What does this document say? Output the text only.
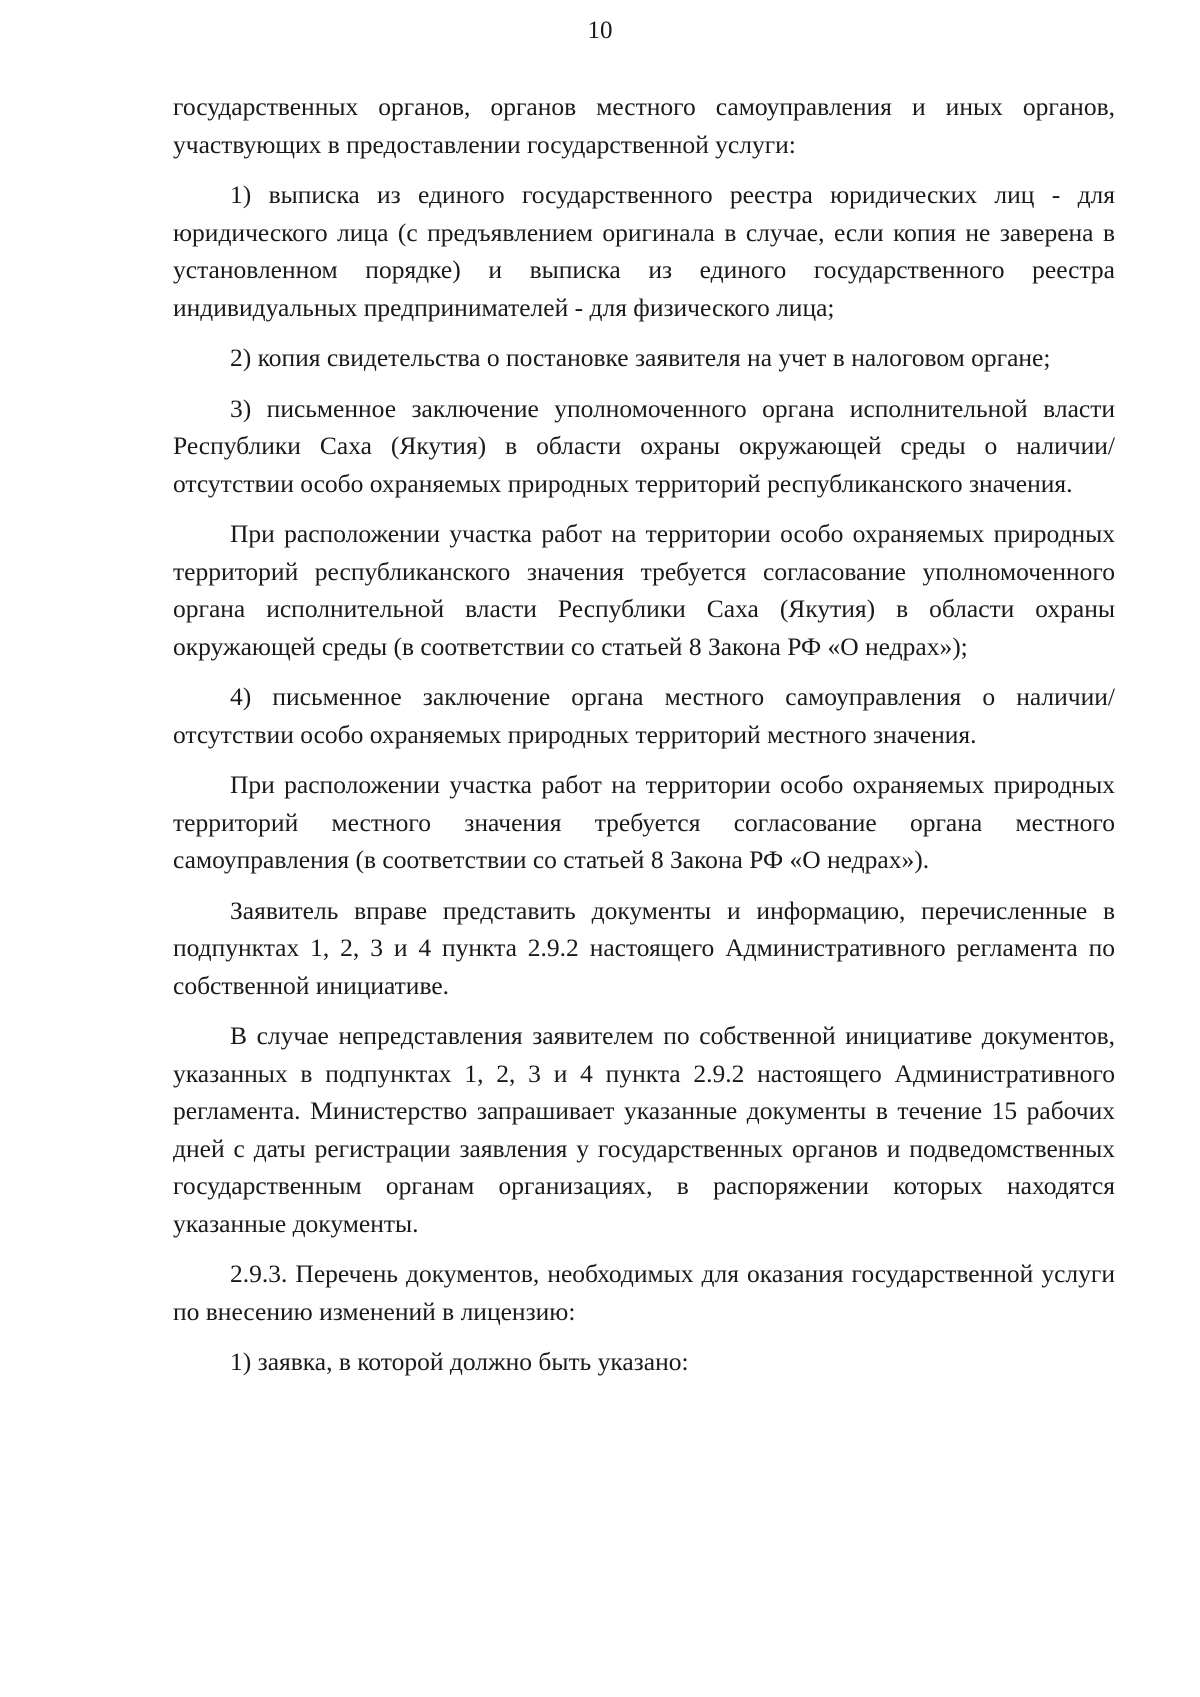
10

государственных органов, органов местного самоуправления и иных органов, участвующих в предоставлении государственной услуги:

1) выписка из единого государственного реестра юридических лиц - для юридического лица (с предъявлением оригинала в случае, если копия не заверена в установленном порядке) и выписка из единого государственного реестра индивидуальных предпринимателей - для физического лица;

2) копия свидетельства о постановке заявителя на учет в налоговом органе;

3) письменное заключение уполномоченного органа исполнительной власти Республики Саха (Якутия) в области охраны окружающей среды о наличии/отсутствии особо охраняемых природных территорий республиканского значения.

При расположении участка работ на территории особо охраняемых природных территорий республиканского значения требуется согласование уполномоченного органа исполнительной власти Республики Саха (Якутия) в области охраны окружающей среды (в соответствии со статьей 8 Закона РФ «О недрах»);

4) письменное заключение органа местного самоуправления о наличии/отсутствии особо охраняемых природных территорий местного значения.

При расположении участка работ на территории особо охраняемых природных территорий местного значения требуется согласование органа местного самоуправления (в соответствии со статьей 8 Закона РФ «О недрах»).

Заявитель вправе представить документы и информацию, перечисленные в подпунктах 1, 2, 3 и 4 пункта 2.9.2 настоящего Административного регламента по собственной инициативе.

В случае непредставления заявителем по собственной инициативе документов, указанных в подпунктах 1, 2, 3 и 4 пункта 2.9.2 настоящего Административного регламента. Министерство запрашивает указанные документы в течение 15 рабочих дней с даты регистрации заявления у государственных органов и подведомственных государственным органам организациях, в распоряжении которых находятся указанные документы.

2.9.3. Перечень документов, необходимых для оказания государственной услуги по внесению изменений в лицензию:

1) заявка, в которой должно быть указано:
